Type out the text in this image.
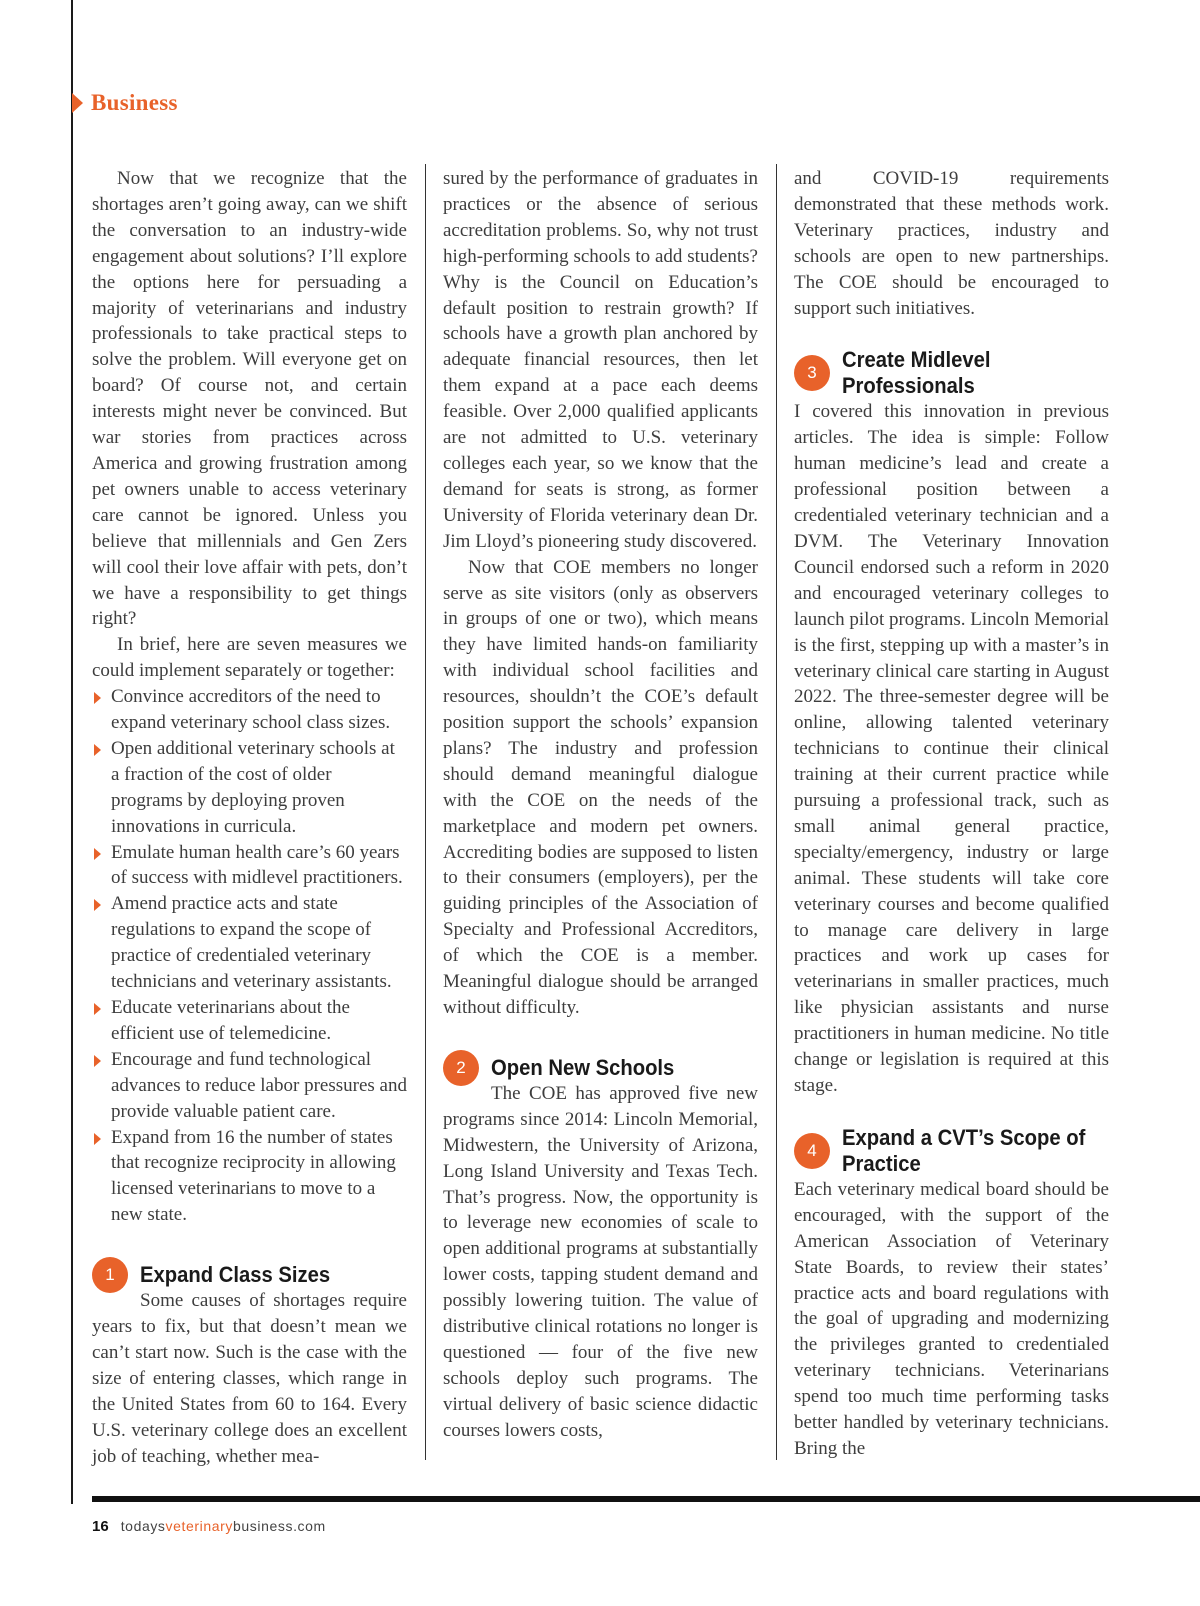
Business

Now that we recognize that the shortages aren’t going away, can we shift the conversation to an industry-wide engagement about solutions? I’ll explore the options here for persuading a majority of veterinarians and industry professionals to take practical steps to solve the problem. Will everyone get on board? Of course not, and certain interests might never be convinced. But war stories from practices across America and growing frustration among pet owners unable to access veterinary care cannot be ignored. Unless you believe that millennials and Gen Zers will cool their love affair with pets, don’t we have a responsibility to get things right?

In brief, here are seven measures we could implement separately or together:

Convince accreditors of the need to expand veterinary school class sizes.
Open additional veterinary schools at a fraction of the cost of older programs by deploying proven innovations in curricula.
Emulate human health care’s 60 years of success with midlevel practitioners.
Amend practice acts and state regulations to expand the scope of practice of credentialed veterinary technicians and veterinary assistants.
Educate veterinarians about the efficient use of telemedicine.
Encourage and fund technological advances to reduce labor pressures and provide valuable patient care.
Expand from 16 the number of states that recognize reciprocity in allowing licensed veterinarians to move to a new state.
1	Expand Class Sizes

Some causes of shortages require years to fix, but that doesn’t mean we can’t start now. Such is the case with the size of entering classes, which range in the United States from 60 to 164. Every U.S. veterinary college does an excellent job of teaching, whether mea-

sured by the performance of graduates in practices or the absence of serious accreditation problems. So, why not trust high-performing schools to add students? Why is the Council on Education’s default position to restrain growth? If schools have a growth plan anchored by adequate financial resources, then let them expand at a pace each deems feasible. Over 2,000 qualified applicants are not admitted to U.S. veterinary colleges each year, so we know that the demand for seats is strong, as former University of Florida veterinary dean Dr. Jim Lloyd’s pioneering study discovered.

Now that COE members no longer serve as site visitors (only as observers in groups of one or two), which means they have limited hands-on familiarity with individual school facilities and resources, shouldn’t the COE’s default position support the schools’ expansion plans? The industry and profession should demand meaningful dialogue with the COE on the needs of the marketplace and modern pet owners. Accrediting bodies are supposed to listen to their consumers (employers), per the guiding principles of the Association of Specialty and Professional Accreditors, of which the COE is a member. Meaningful dialogue should be arranged without difficulty.

2	Open New Schools

The COE has approved five new programs since 2014: Lincoln Memorial, Midwestern, the University of Arizona, Long Island University and Texas Tech. That’s progress. Now, the opportunity is to leverage new economies of scale to open additional programs at substantially lower costs, tapping student demand and possibly lowering tuition. The value of distributive clinical rotations no longer is questioned — four of the five new schools deploy such programs. The virtual delivery of basic science didactic courses lowers costs,

and COVID-19 requirements demonstrated that these methods work. Veterinary practices, industry and schools are open to new partnerships. The COE should be encouraged to support such initiatives.

3
Create Midlevel Professionals

I covered this innovation in previous articles. The idea is simple: Follow human medicine’s lead and create a professional position between a credentialed veterinary technician and a DVM. The Veterinary Innovation Council endorsed such a reform in 2020 and encouraged veterinary colleges to launch pilot programs. Lincoln Memorial is the first, stepping up with a master’s in veterinary clinical care starting in August 2022. The three-semester degree will be online, allowing talented veterinary technicians to continue their clinical training at their current practice while pursuing a professional track, such as small animal general practice, specialty/emergency, industry or large animal. These students will take core veterinary courses and become qualified to manage care delivery in large practices and work up cases for veterinarians in smaller practices, much like physician assistants and nurse practitioners in human medicine. No title change or legislation is required at this stage.

4
Expand a CVT’s Scope of Practice

Each veterinary medical board should be encouraged, with the support of the American Association of Veterinary State Boards, to review their states’ practice acts and board regulations with the goal of upgrading and modernizing the privileges granted to credentialed veterinary technicians. Veterinarians spend too much time performing tasks better handled by veterinary technicians. Bring the

16 todaysveterinarybusiness.com
